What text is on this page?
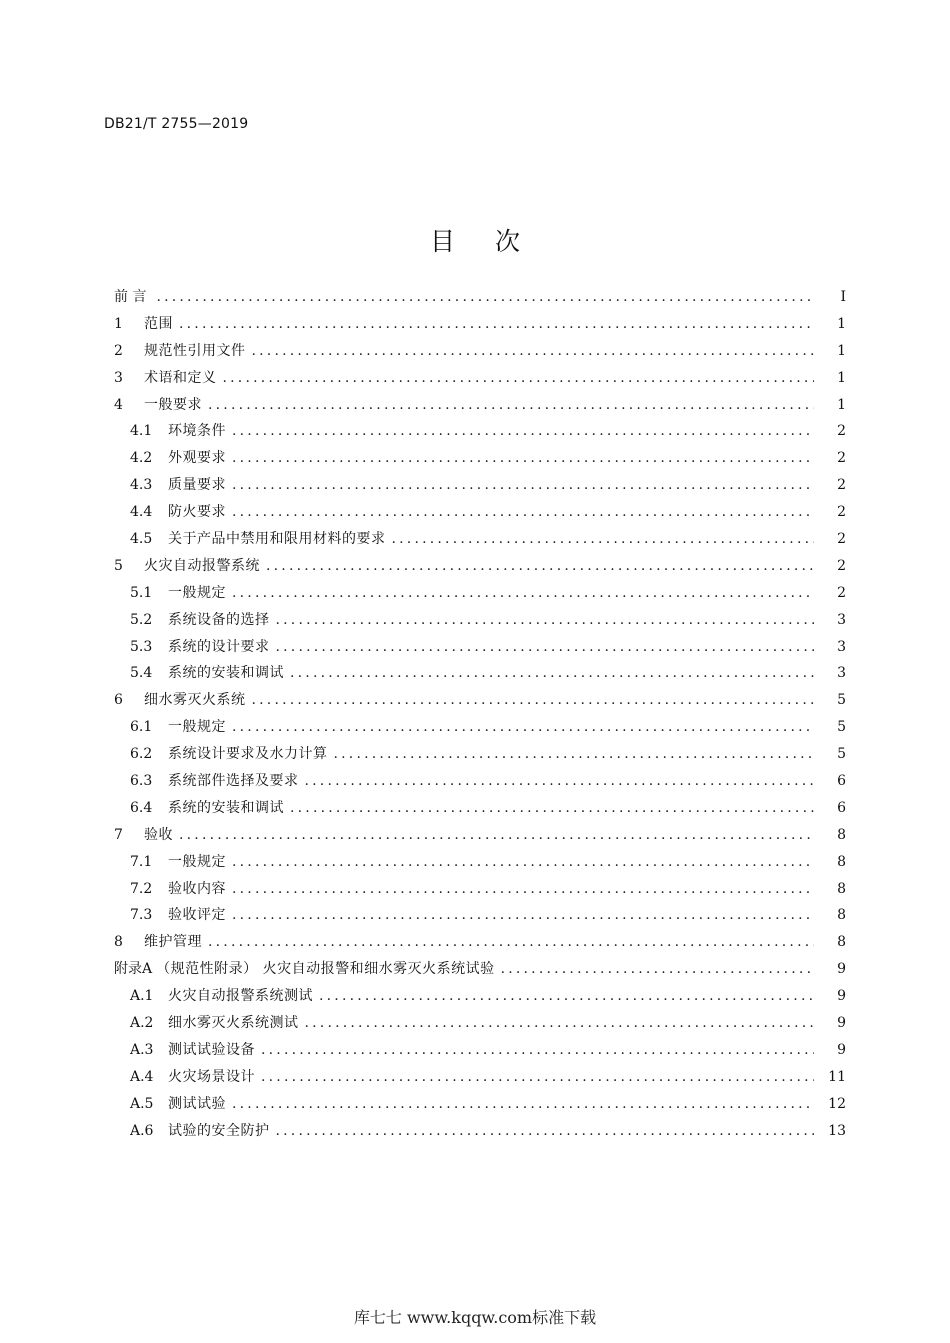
DB21/T 2755—2019
目次
前 言 .....	I
1	范围 .....	1
2	规范性引用文件 .....	1
3	术语和定义 .....	1
4	一般要求 .....	1
4.1	环境条件 .....	2
4.2	外观要求 .....	2
4.3	质量要求 .....	2
4.4	防火要求 .....	2
4.5	关于产品中禁用和限用材料的要求 .....	2
5	火灾自动报警系统 .....	2
5.1	一般规定 .....	2
5.2	系统设备的选择 .....	3
5.3	系统的设计要求 .....	3
5.4	系统的安装和调试 .....	3
6	细水雾灭火系统 .....	5
6.1	一般规定 .....	5
6.2	系统设计要求及水力计算 .....	5
6.3	系统部件选择及要求 .....	6
6.4	系统的安装和调试 .....	6
7	验收 .....	8
7.1	一般规定 .....	8
7.2	验收内容 .....	8
7.3	验收评定 .....	8
8	维护管理 .....	8
附录A （规范性附录） 火灾自动报警和细水雾灭火系统试验 .....	9
A.1	火灾自动报警系统测试 .....	9
A.2	细水雾灭火系统测试 .....	9
A.3	测试试验设备 .....	9
A.4	火灾场景设计 .....	11
A.5	测试试验 .....	12
A.6	试验的安全防护 .....	13
库七七 www.kqqw.com标准下载
